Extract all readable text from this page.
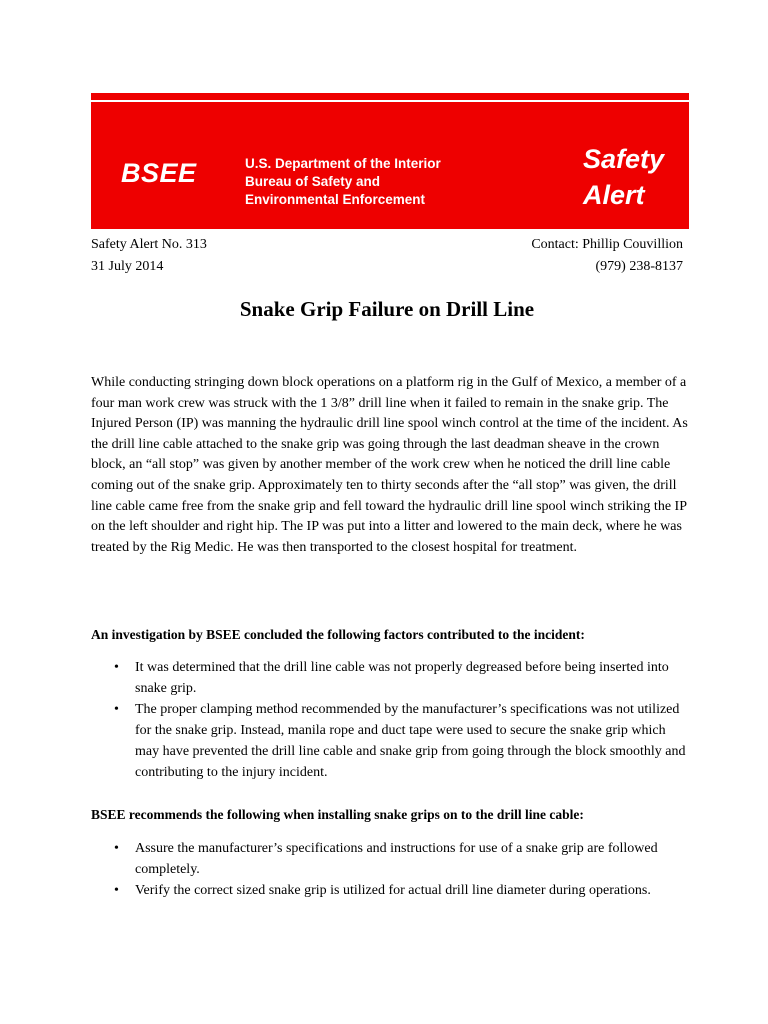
BSEE	U.S. Department of the Interior
Bureau of Safety and
Environmental Enforcement
Safety
Alert
Safety Alert No. 313	Contact: Phillip Couvillion
31 July 2014	(979) 238-8137
Snake Grip Failure on Drill Line

While conducting stringing down block operations on a platform rig in the Gulf of Mexico, a member of a four man work crew was struck with the 1 3/8” drill line when it failed to remain in the snake grip. The Injured Person (IP) was manning the hydraulic drill line spool winch control at the time of the incident. As the drill line cable attached to the snake grip was going through the last deadman sheave in the crown block, an “all stop” was given by another member of the work crew when he noticed the drill line cable coming out of the snake grip. Approximately ten to thirty seconds after the “all stop” was given, the drill line cable came free from the snake grip and fell toward the hydraulic drill line spool winch striking the IP on the left shoulder and right hip. The IP was put into a litter and lowered to the main deck, where he was treated by the Rig Medic. He was then transported to the closest hospital for treatment.

An investigation by BSEE concluded the following factors contributed to the incident:
• It was determined that the drill line cable was not properly degreased before being inserted into snake grip.
• The proper clamping method recommended by the manufacturer’s specifications was not utilized for the snake grip. Instead, manila rope and duct tape were used to secure the snake grip which may have prevented the drill line cable and snake grip from going through the block smoothly and contributing to the injury incident.
BSEE recommends the following when installing snake grips on to the drill line cable:
• Assure the manufacturer’s specifications and instructions for use of a snake grip are followed completely.
• Verify the correct sized snake grip is utilized for actual drill line diameter during operations.
